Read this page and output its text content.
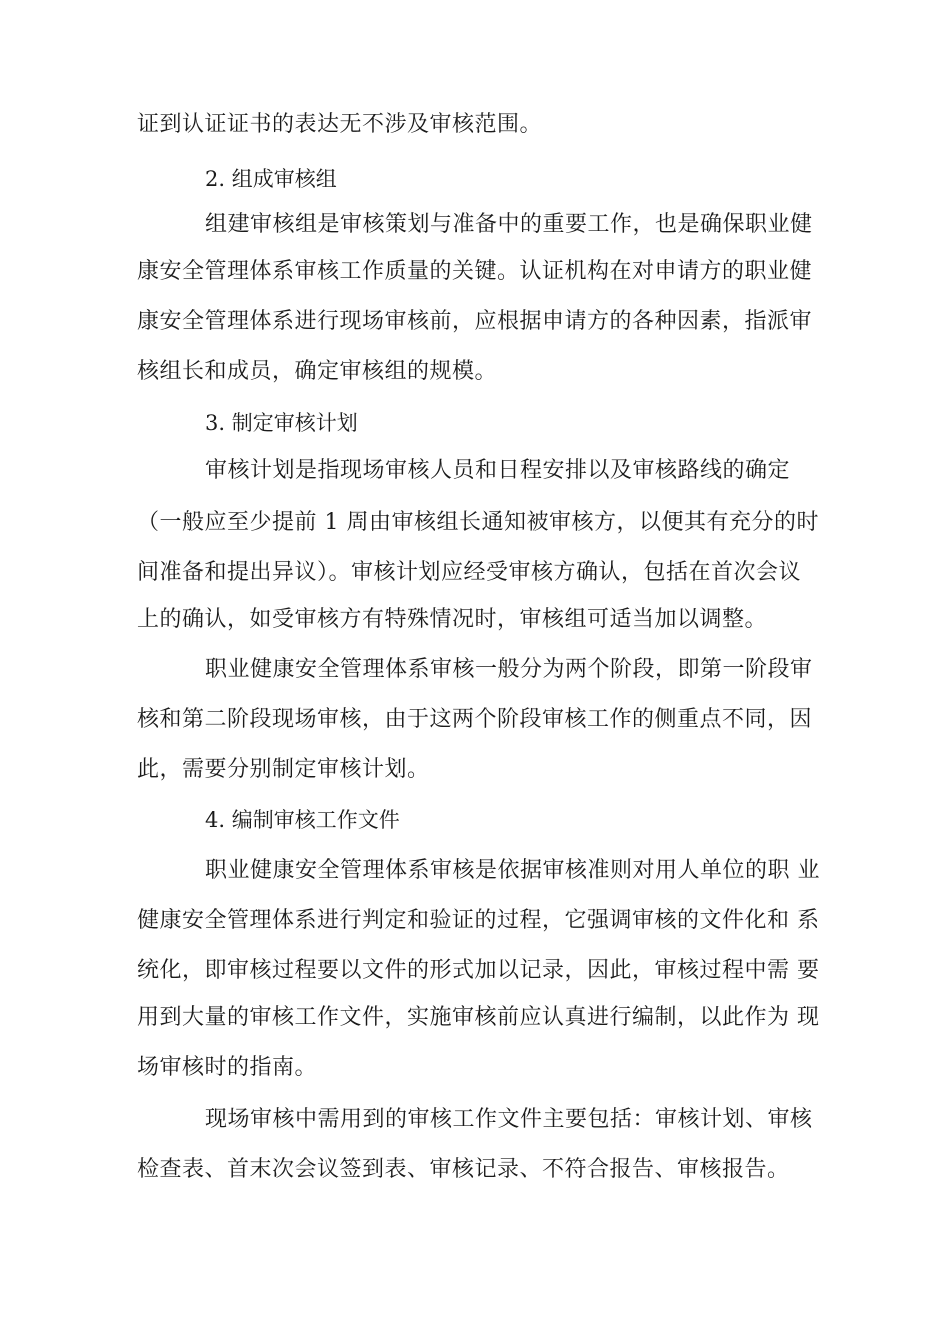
证到认证证书的表达无不涉及审核范围。
2. 组成审核组
组建审核组是审核策划与准备中的重要工作，也是确保职业健
康安全管理体系审核工作质量的关键。认证机构在对申请方的职业健
康安全管理体系进行现场审核前，应根据申请方的各种因素，指派审
核组长和成员，确定审核组的规模。
3. 制定审核计划
审核计划是指现场审核人员和日程安排以及审核路线的确定
（一般应至少提前 1 周由审核组长通知被审核方，以便其有充分的时
间准备和提出异议）。审核计划应经受审核方确认，包括在首次会议
上的确认，如受审核方有特殊情况时，审核组可适当加以调整。
职业健康安全管理体系审核一般分为两个阶段，即第一阶段审
核和第二阶段现场审核，由于这两个阶段审核工作的侧重点不同，因
此，需要分别制定审核计划。
4. 编制审核工作文件
职业健康安全管理体系审核是依据审核准则对用人单位的职 业
健康安全管理体系进行判定和验证的过程，它强调审核的文件化和 系
统化，即审核过程要以文件的形式加以记录，因此，审核过程中需 要
用到大量的审核工作文件，实施审核前应认真进行编制，以此作为 现
场审核时的指南。
现场审核中需用到的审核工作文件主要包括：审核计划、审核
检查表、首末次会议签到表、审核记录、不符合报告、审核报告。
